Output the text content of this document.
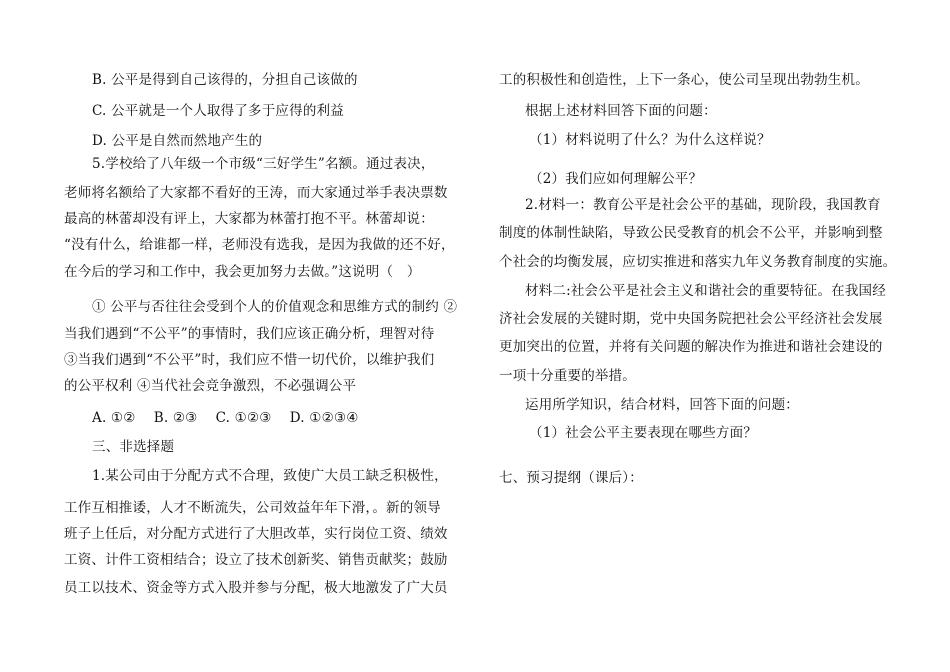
B. 公平是得到自己该得的，分担自己该做的
C. 公平就是一个人取得了多于应得的利益
D. 公平是自然而然地产生的
5.学校给了八年级一个市级“三好学生”名额。通过表决，
老师将名额给了大家都不看好的王涛，而大家通过举手表决票数
最高的林蕾却没有评上，大家都为林蕾打抱不平。林蕾却说：
“没有什么，给谁都一样，老师没有选我，是因为我做的还不好，
在今后的学习和工作中，我会更加努力去做。”这说明（　）
① 公平与否往往会受到个人的价值观念和思维方式的制约 ②
当我们遇到“不公平”的事情时，我们应该正确分析，理智对待
③当我们遇到“不公平”时，我们应不惜一切代价，以维护我们
的公平权利 ④当代社会竞争激烈，不必强调公平
A. ①②　 B. ②③　 C. ①②③　 D. ①②③④
三、非选择题
1.某公司由于分配方式不合理，致使广大员工缺乏积极性，
工作互相推诿，人才不断流失，公司效益年年下滑，。新的领导
班子上任后，对分配方式进行了大胆改革，实行岗位工资、绩效
工资、计件工资相结合；设立了技术创新奖、销售贡献奖；鼓励
员工以技术、资金等方式入股并参与分配，极大地激发了广大员
工的积极性和创造性，上下一条心，使公司呈现出勃勃生机。
根据上述材料回答下面的问题：
（1）材料说明了什么？为什么这样说？
（2）我们应如何理解公平？
2.材料一：教育公平是社会公平的基础，现阶段，我国教育
制度的体制性缺陷，导致公民受教育的机会不公平，并影响到整
个社会的均衡发展，应切实推进和落实九年义务教育制度的实施。
材料二:社会公平是社会主义和谐社会的重要特征。在我国经
济社会发展的关键时期，党中央国务院把社会公平经济社会发展
更加突出的位置，并将有关问题的解决作为推进和谐社会建设的
一项十分重要的举措。
运用所学知识，结合材料，回答下面的问题：
（1）社会公平主要表现在哪些方面？
七、预习提纲（课后）：
